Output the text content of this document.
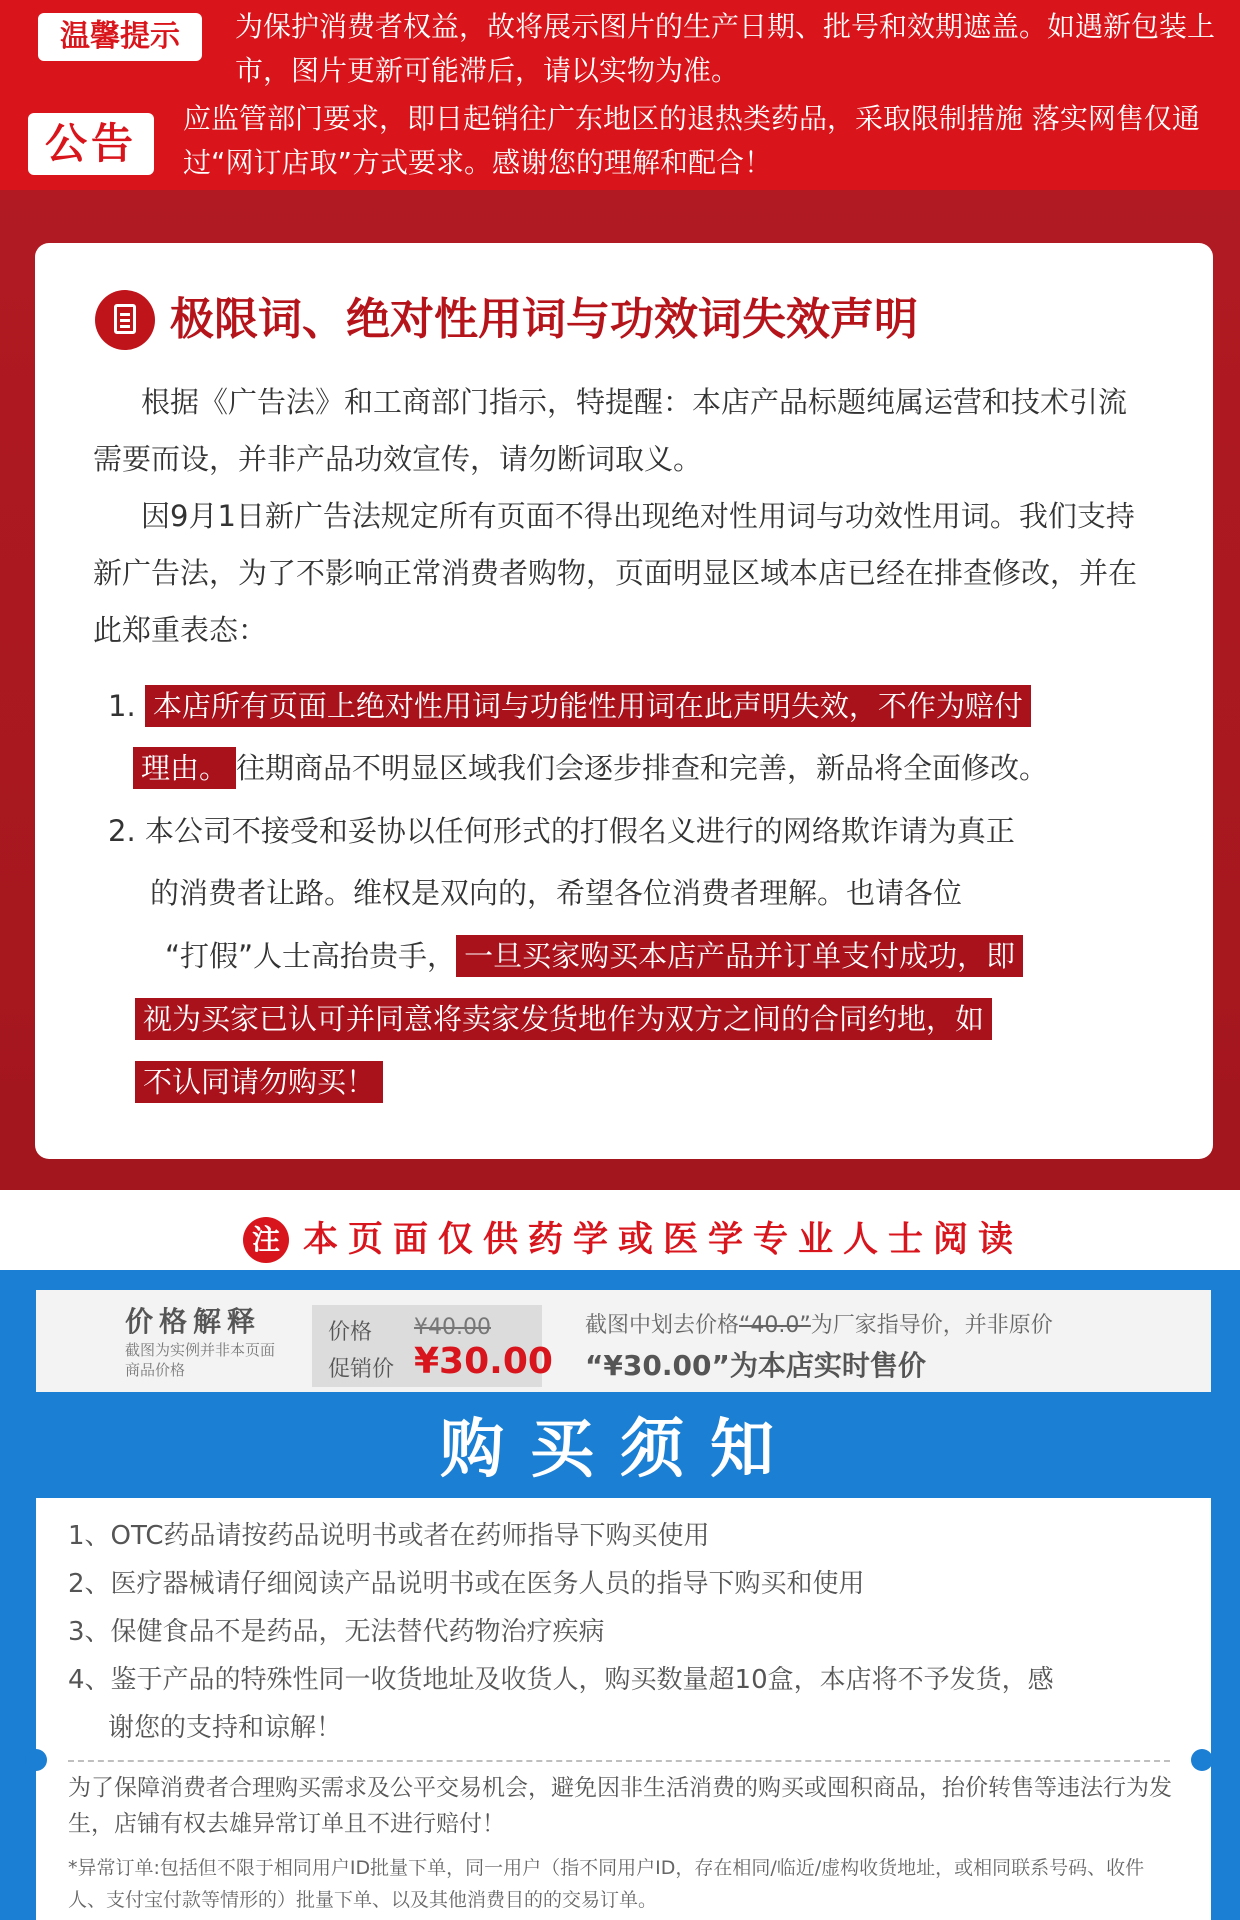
温馨提示	为保护消费者权益，故将展示图片的生产日期、批号和效期遮盖。如遇新包装上市，图片更新可能滞后，请以实物为准。
公告
应监管部门要求，即日起销往广东地区的退热类药品，采取限制措施 落实网售仅通过“网订店取”方式要求。感谢您的理解和配合！
极限词、绝对性用词与功效词失效声明
根据《广告法》和工商部门指示，特提醒：本店产品标题纯属运营和技术引流需要而设，并非产品功效宣传，请勿断词取义。
因9月1日新广告法规定所有页面不得出现绝对性用词与功效性用词。我们支持新广告法，为了不影响正常消费者购物，页面明显区域本店已经在排查修改，并在此郑重表态：
1. 本店所有页面上绝对性用词与功能性用词在此声明失效，不作为赔付
理由。 往期商品不明显区域我们会逐步排查和完善，新品将全面修改。
2. 本公司不接受和妥协以任何形式的打假名义进行的网络欺诈请为真正
的消费者让路。维权是双向的，希望各位消费者理解。也请各位
“打假”人士高抬贵手， 一旦买家购买本店产品并订单支付成功，即
视为买家已认可并同意将卖家发货地作为双方之间的合同约地，如
不认同请勿购买！
注 本页面仅供药学或医学专业人士阅读
价格解释
截图为实例并非本页面商品价格
价格 ¥40.00
促销价 ¥30.00
截图中划去价格“40.0”为厂家指导价，并非原价
“¥30.00”为本店实时售价
购买须知
1、OTC药品请按药品说明书或者在药师指导下购买使用
2、医疗器械请仔细阅读产品说明书或在医务人员的指导下购买和使用
3、保健食品不是药品，无法替代药物治疗疾病
4、鉴于产品的特殊性同一收货地址及收货人，购买数量超10盒，本店将不予发货，感
谢您的支持和谅解！
为了保障消费者合理购买需求及公平交易机会，避免因非生活消费的购买或囤积商品，抬价转售等违法行为发生，店铺有权去雄异常订单且不进行赔付！
*异常订单:包括但不限于相同用户ID批量下单，同一用户（指不同用户ID，存在相同/临近/虚构收货地址，或相同联系号码、收件人、支付宝付款等情形的）批量下单、以及其他消费目的的交易订单。
